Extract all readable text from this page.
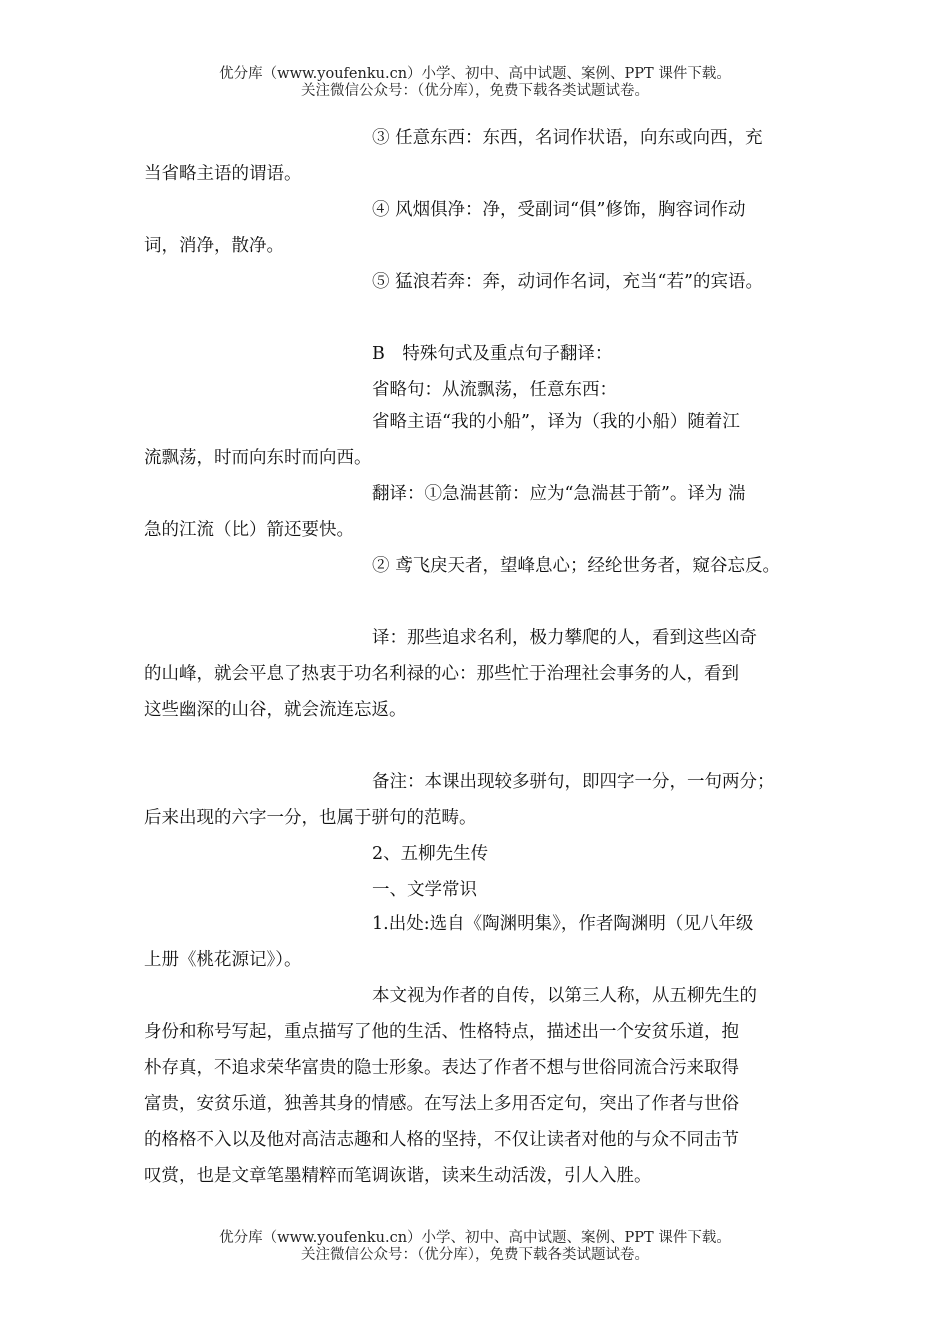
优分库（www.youfenku.cn）小学、初中、高中试题、案例、PPT 课件下载。
关注微信公众号：（优分库），免费下载各类试题试卷。
③ 任意东西：东西，名词作状语，向东或向西，充
当省略主语的谓语。
④ 风烟俱净：净，受副词“俱”修饰，胸容词作动
词，消净，散净。
⑤ 猛浪若奔：奔，动词作名词，充当“若”的宾语。
B　特殊句式及重点句子翻译：
省略句：从流飘荡，任意东西：
省略主语“我的小船”，译为（我的小船）随着江
流飘荡，时而向东时而向西。
翻译：①急湍甚箭：应为“急湍甚于箭”。译为 湍
急的江流（比）箭还要快。
② 鸢飞戾天者，望峰息心；经纶世务者，窥谷忘反。
译：那些追求名利，极力攀爬的人，看到这些凶奇
的山峰，就会平息了热衷于功名利禄的心：那些忙于治理社会事务的人，看到
这些幽深的山谷，就会流连忘返。
备注：本课出现较多骈句，即四字一分，一句两分；
后来出现的六字一分，也属于骈句的范畴。
2、五柳先生传
一、文学常识
1.出处:选自《陶渊明集》，作者陶渊明（见八年级
上册《桃花源记》）。
本文视为作者的自传，以第三人称，从五柳先生的
身份和称号写起，重点描写了他的生活、性格特点，描述出一个安贫乐道，抱
朴存真，不追求荣华富贵的隐士形象。表达了作者不想与世俗同流合污来取得
富贵，安贫乐道，独善其身的情感。在写法上多用否定句，突出了作者与世俗
的格格不入以及他对高洁志趣和人格的坚持，不仅让读者对他的与众不同击节
叹赏，也是文章笔墨精粹而笔调诙谐，读来生动活泼，引人入胜。
优分库（www.youfenku.cn）小学、初中、高中试题、案例、PPT 课件下载。
关注微信公众号：（优分库），免费下载各类试题试卷。
